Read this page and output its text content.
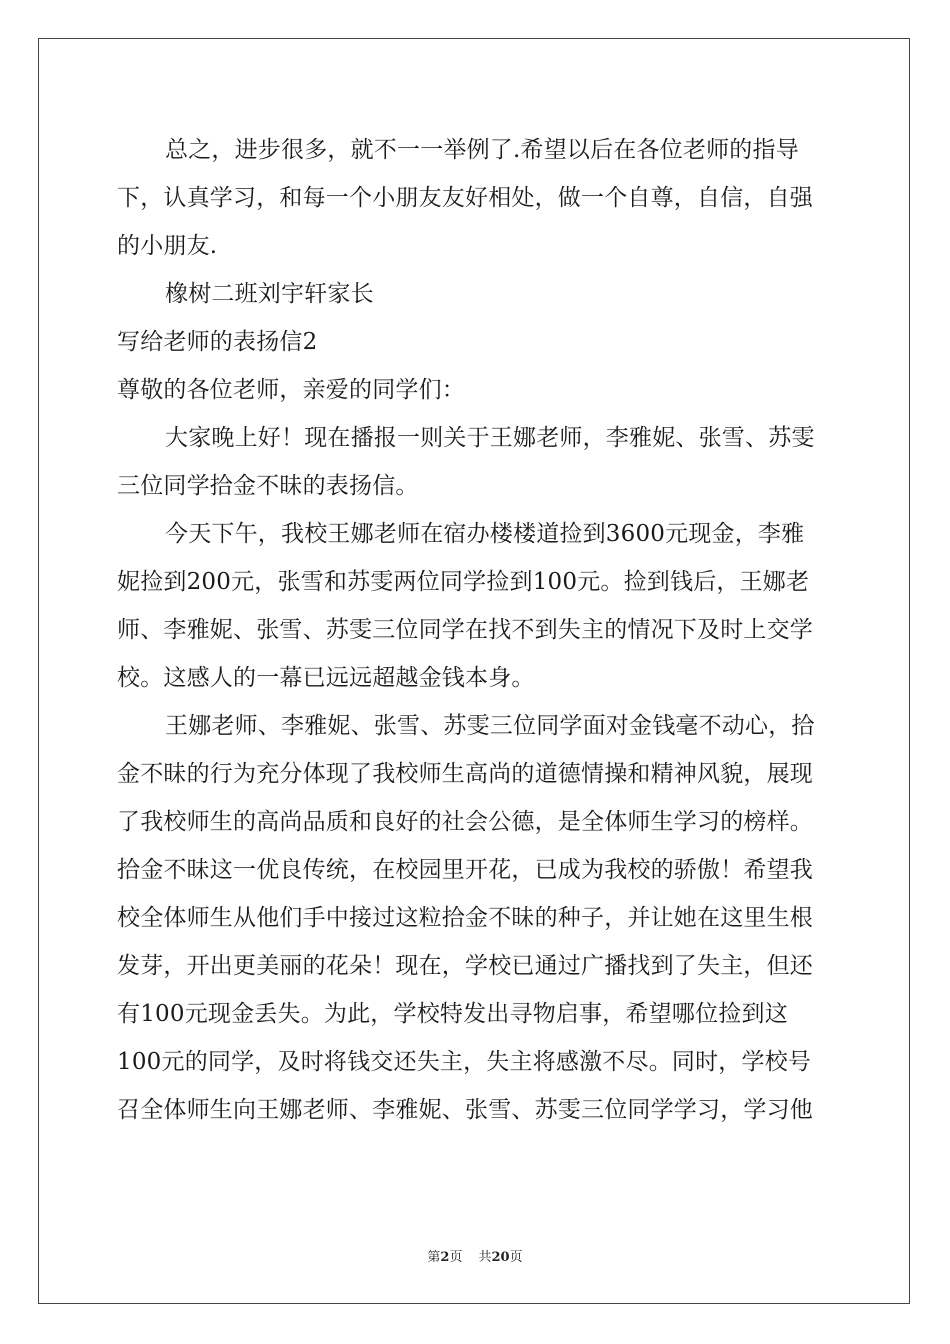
总之，进步很多，就不一一举例了.希望以后在各位老师的指导
下，认真学习，和每一个小朋友友好相处，做一个自尊，自信，自强
的小朋友.
橡树二班刘宇轩家长
写给老师的表扬信2
尊敬的各位老师，亲爱的同学们：
大家晚上好！现在播报一则关于王娜老师，李雅妮、张雪、苏雯
三位同学拾金不昧的表扬信。
今天下午，我校王娜老师在宿办楼楼道捡到3600元现金，李雅
妮捡到200元，张雪和苏雯两位同学捡到100元。捡到钱后，王娜老
师、李雅妮、张雪、苏雯三位同学在找不到失主的情况下及时上交学
校。这感人的一幕已远远超越金钱本身。
王娜老师、李雅妮、张雪、苏雯三位同学面对金钱毫不动心，拾
金不昧的行为充分体现了我校师生高尚的道德情操和精神风貌，展现
了我校师生的高尚品质和良好的社会公德，是全体师生学习的榜样。
拾金不昧这一优良传统，在校园里开花，已成为我校的骄傲！希望我
校全体师生从他们手中接过这粒拾金不昧的种子，并让她在这里生根
发芽，开出更美丽的花朵！现在，学校已通过广播找到了失主，但还
有100元现金丢失。为此，学校特发出寻物启事，希望哪位捡到这
100元的同学，及时将钱交还失主，失主将感激不尽。同时，学校号
召全体师生向王娜老师、李雅妮、张雪、苏雯三位同学学习，学习他
第2页 共20页
